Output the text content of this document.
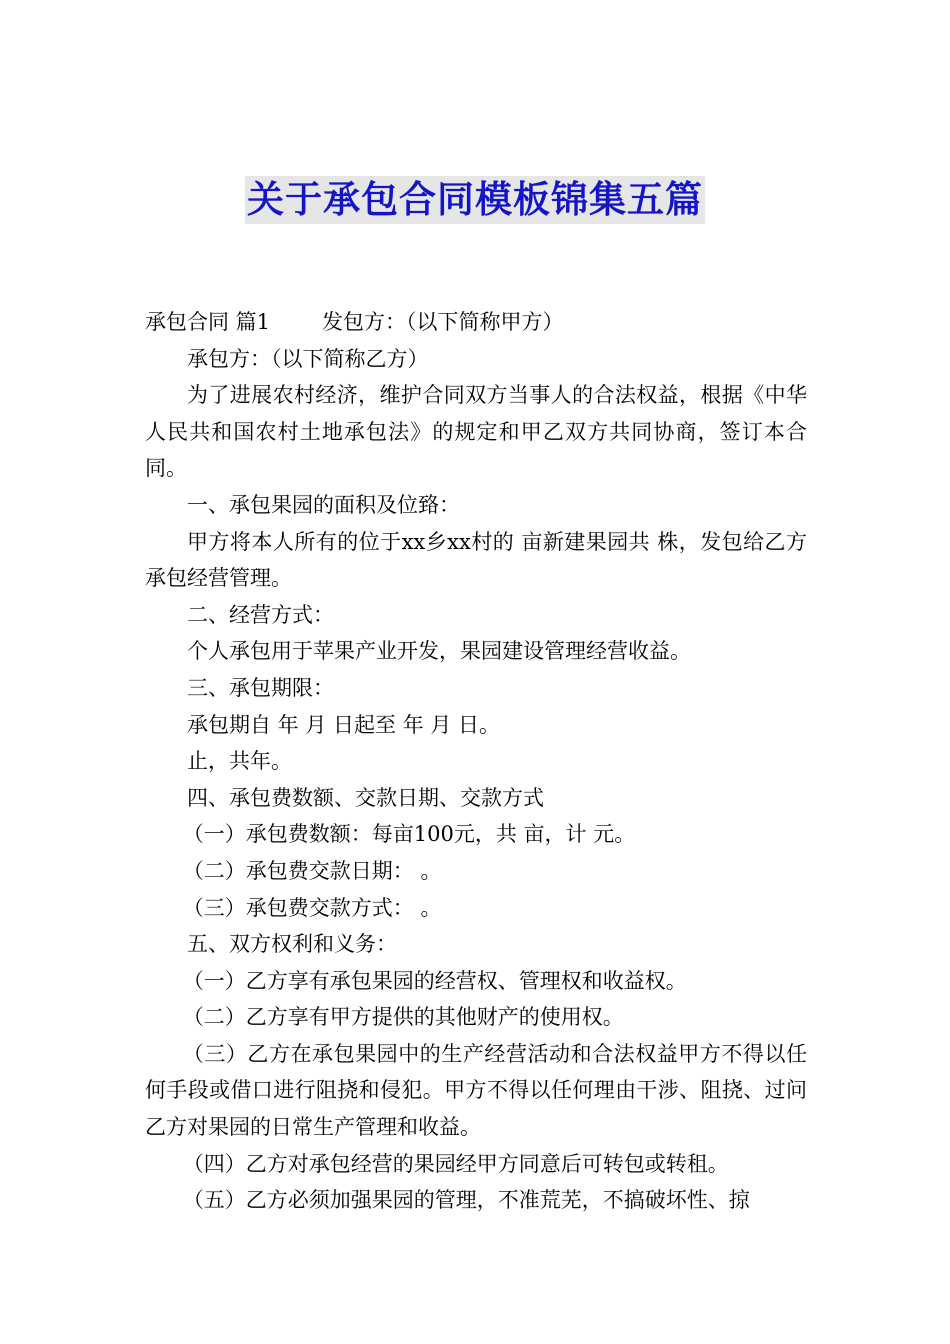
关于承包合同模板锦集五篇

承包合同 篇1 发包方：（以下简称甲方）

承包方：（以下简称乙方）

为了进展农村经济，维护合同双方当事人的合法权益，根据《中华人民共和国农村土地承包法》的规定和甲乙双方共同协商，签订本合同。

一、承包果园的面积及位臵：

甲方将本人所有的位于xx乡xx村的 亩新建果园共 株，发包给乙方承包经营管理。

二、经营方式：

个人承包用于苹果产业开发，果园建设管理经营收益。

三、承包期限：

承包期自 年 月 日起至 年 月 日。

止，共年。

四、承包费数额、交款日期、交款方式

（一）承包费数额：每亩100元，共 亩，计 元。

（二）承包费交款日期： 。

（三）承包费交款方式： 。

五、双方权利和义务：

（一）乙方享有承包果园的经营权、管理权和收益权。

（二）乙方享有甲方提供的其他财产的使用权。

（三）乙方在承包果园中的生产经营活动和合法权益甲方不得以任何手段或借口进行阻挠和侵犯。甲方不得以任何理由干涉、阻挠、过问乙方对果园的日常生产管理和收益。

（四）乙方对承包经营的果园经甲方同意后可转包或转租。

（五）乙方必须加强果园的管理，不准荒芜，不搞破坏性、掠
